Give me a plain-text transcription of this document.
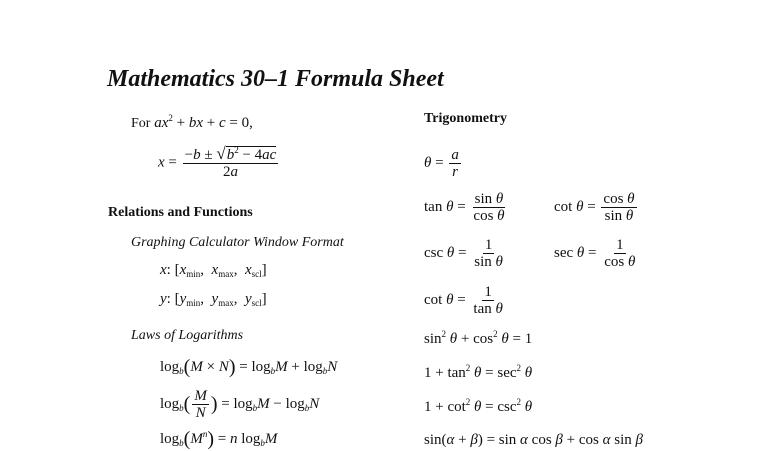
Mathematics 30–1 Formula Sheet
For $ax^2$ + bx + c = 0,
$x = \frac{-b \pm √b^2 - 4ac}{2a}$
Relations and Functions
Graphing Calculator Window Format
x: [$x_{min}$,  $x_{max}$,  $x_{scl}$]
y: [$y_{min}$,  $y_{max}$,  $y_{scl}$]
Laws of Logarithms
$\log_b(M \times N) = \log_bM + \log_bN$
$\log_b( \frac{M}{N}$ ) = $\log_bM - \log_bN$
$\log_b(M^n) = n$ $\log_bM$
Trigonometry
$\theta = \frac{a}{r}$
$\tan \theta = \frac{\text{sin θ}}{\text{cos θ}}$	$\cot \theta = \frac{\text{cos θ}}{\text{sin θ}}$
$\csc \theta = \frac{1}{\text{sin θ}}$	$\sec \theta = \frac{1}{\text{cos θ}}$
$\cot \theta = \frac{1}{\text{tan θ}}$
$\sin^2 \theta + \cos^2 \theta = 1$
$1 + \tan^2 \theta = \sec^2 \theta$
$1 + \cot^2 \theta = \csc^2 \theta$
sin(α + β) = sin α cos β + cos α sin β
